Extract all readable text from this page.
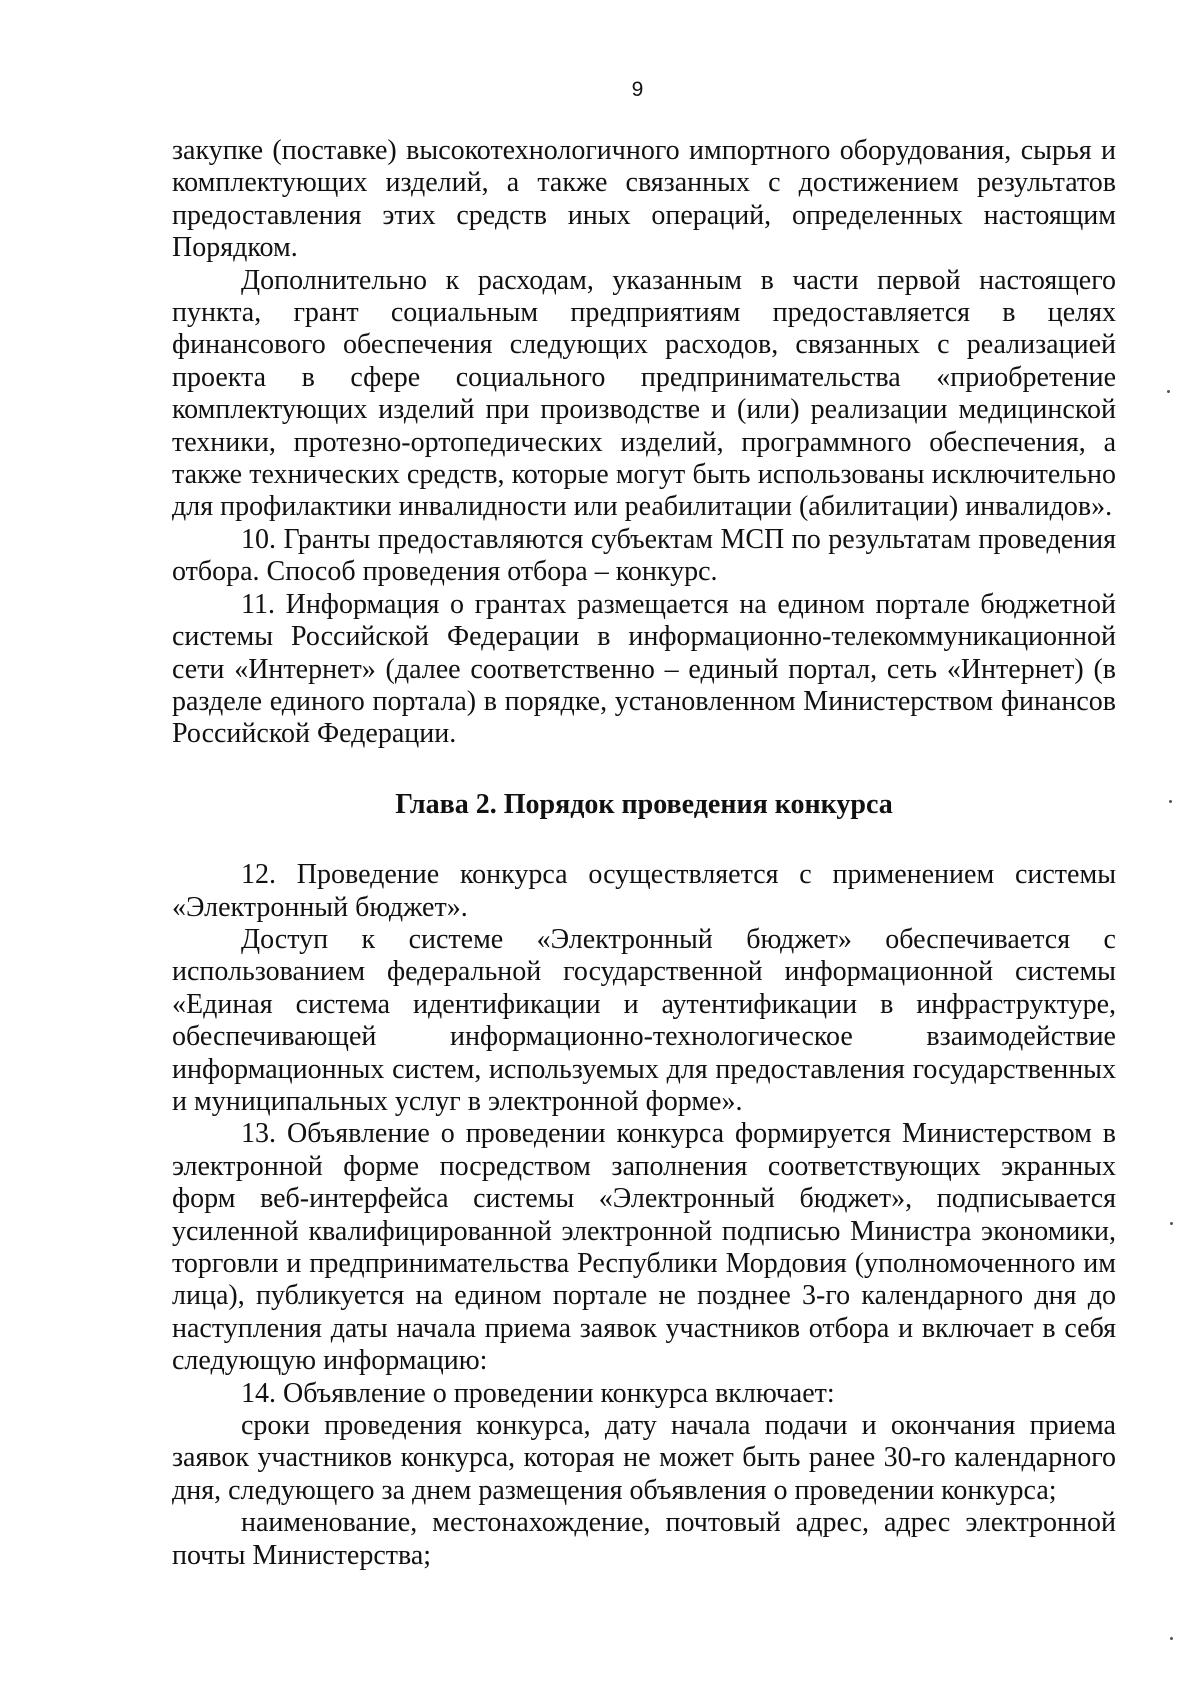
9

закупке (поставке) высокотехнологичного импортного оборудования, сырья и комплектующих изделий, а также связанных с достижением результатов предоставления этих средств иных операций, определенных настоящим Порядком.

Дополнительно к расходам, указанным в части первой настоящего пункта, грант социальным предприятиям предоставляется в целях финансового обеспечения следующих расходов, связанных с реализацией проекта в сфере социального предпринимательства «приобретение комплектующих изделий при производстве и (или) реализации медицинской техники, протезно-ортопедических изделий, программного обеспечения, а также технических средств, которые могут быть использованы исключительно для профилактики инвалидности или реабилитации (абилитации) инвалидов».

10. Гранты предоставляются субъектам МСП по результатам проведения отбора. Способ проведения отбора – конкурс.

11. Информация о грантах размещается на едином портале бюджетной системы Российской Федерации в информационно-телекоммуникационной сети «Интернет» (далее соответственно – единый портал, сеть «Интернет) (в разделе единого портала) в порядке, установленном Министерством финансов Российской Федерации.

Глава 2. Порядок проведения конкурса

12. Проведение конкурса осуществляется с применением системы «Электронный бюджет».

Доступ к системе «Электронный бюджет» обеспечивается с использованием федеральной государственной информационной системы «Единая система идентификации и аутентификации в инфраструктуре, обеспечивающей информационно-технологическое взаимодействие информационных систем, используемых для предоставления государственных и муниципальных услуг в электронной форме».

13. Объявление о проведении конкурса формируется Министерством в электронной форме посредством заполнения соответствующих экранных форм веб-интерфейса системы «Электронный бюджет», подписывается усиленной квалифицированной электронной подписью Министра экономики, торговли и предпринимательства Республики Мордовия (уполномоченного им лица), публикуется на едином портале не позднее 3-го календарного дня до наступления даты начала приема заявок участников отбора и включает в себя следующую информацию:

14. Объявление о проведении конкурса включает:

сроки проведения конкурса, дату начала подачи и окончания приема заявок участников конкурса, которая не может быть ранее 30-го календарного дня, следующего за днем размещения объявления о проведении конкурса;

наименование, местонахождение, почтовый адрес, адрес электронной почты Министерства;
